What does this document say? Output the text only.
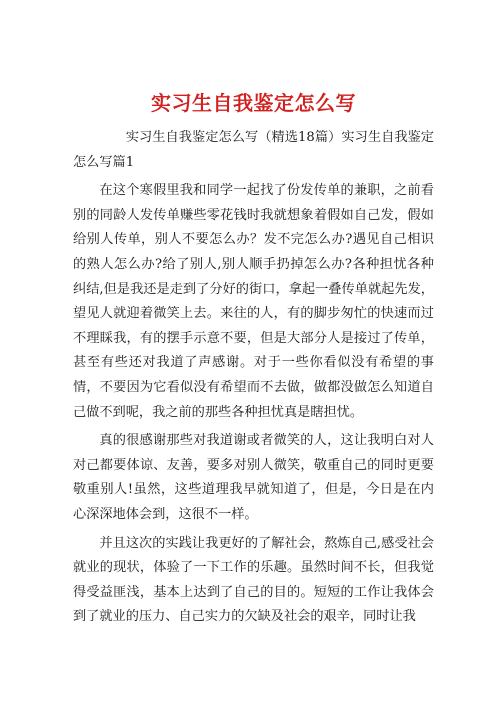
实习生自我鉴定怎么写

实习生自我鉴定怎么写（精选18篇）实习生自我鉴定怎么写篇1

在这个寒假里我和同学一起找了份发传单的兼职，之前看别的同龄人发传单赚些零花钱时我就想象着假如自己发，假如给别人传单，别人不要怎么办？发不完怎么办?遇见自己相识的熟人怎么办?给了别人,别人顺手扔掉怎么办?各种担忧各种纠结,但是我还是走到了分好的街口，拿起一叠传单就起先发，望见人就迎着微笑上去。来往的人，有的脚步匆忙的快速而过不理睬我，有的摆手示意不要，但是大部分人是接过了传单，甚至有些还对我道了声感谢。对于一些你看似没有希望的事情，不要因为它看似没有希望而不去做，做都没做怎么知道自己做不到呢，我之前的那些各种担忧真是瞎担忧。

真的很感谢那些对我道谢或者微笑的人，这让我明白对人对己都要体谅、友善，要多对别人微笑，敬重自己的同时更要敬重别人!虽然，这些道理我早就知道了，但是，今日是在内心深深地体会到，这很不一样。

并且这次的实践让我更好的了解社会，熬炼自己,感受社会就业的现状，体验了一下工作的乐趣。虽然时间不长，但我觉得受益匪浅，基本上达到了自己的目的。短短的工作让我体会到了就业的压力、自己实力的欠缺及社会的艰辛，同时让我
